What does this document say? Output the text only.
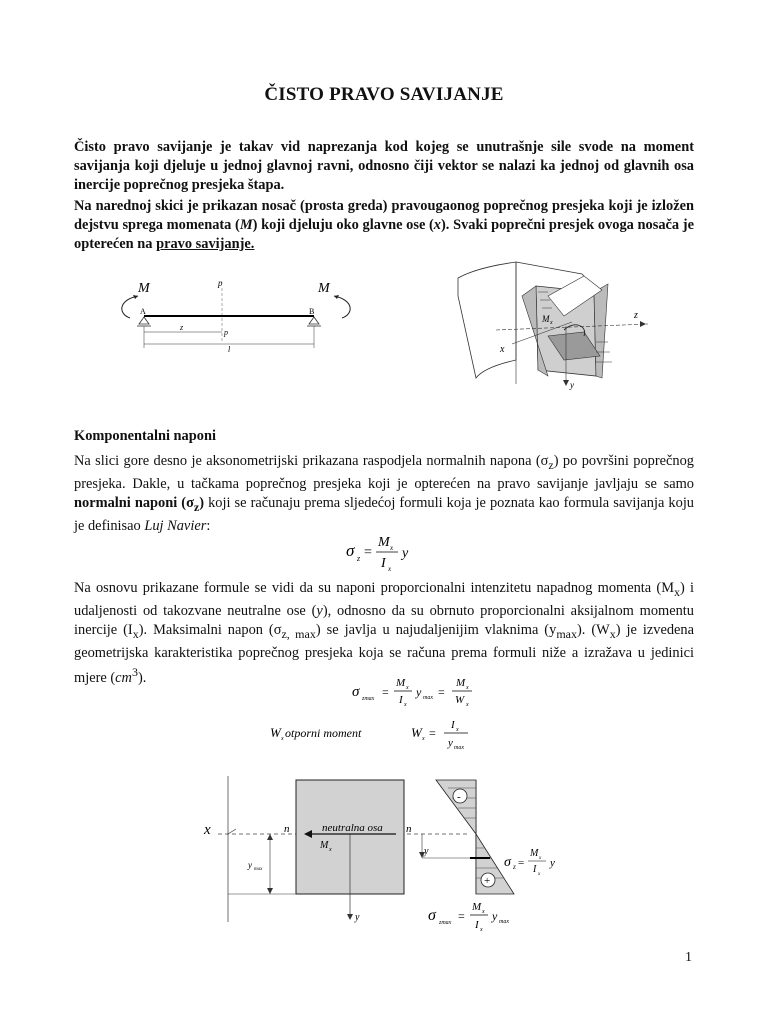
ČISTO PRAVO SAVIJANJE

Čisto pravo savijanje je takav vid naprezanja kod kojeg se unutrašnje sile svode na moment savijanja koji djeluje u jednoj glavnoj ravni, odnosno čiji vektor se nalazi ka jednoj od glavnih osa inercije poprečnog presjeka štapa.

Na narednoj skici je prikazan nosač (prosta greda) pravougaonog poprečnog presjeka koji je izložen dejstvu sprega momenata (M) koji djeluju oko glavne ose (x). Svaki poprečni presjek ovoga nosača je opterećen na pravo savijanje.

M	M
p
A	B
z
p
l
z
x
y
M x
Komponentalni naponi

Na slici gore desno je aksonometrijski prikazana raspodjela normalnih napona $(\sigma_z)$ po površini poprečnog presjeka. Dakle, u tačkama poprečnog presjeka koji je opterećen na pravo savijanje javljaju se samo normalni naponi $(\sigma_z)$ koji se računaju prema sljedećoj formuli koja je poznata kao formula savijanja koju je definisao Luj Navier:

σ z =
M x
I x
y

Na osnovu prikazane formule se vidi da su naponi proporcionalni intenzitetu napadnog momenta $(M_x)$ i udaljenosti od takozvane neutralne ose (y), odnosno da su obrnuto proporcionalni aksijalnom momentu inercije $(I_x)$. Maksimalni napon $(\sigma_{z, max})$ se javlja u najudaljenijim vlaknima $(y_{max})$. $(W_x)$ je izvedena geometrijska karakteristika poprečnog presjeka koja se računa prema formuli niže a izražava u jedinici mjere $(cm^3)$.

σ zmax =
M x
I x
y max =
M x
W x
W x otporni moment	W x =
I x
y max
x	n	neutralna osa n
M x
y
y max
-
+
y
σ z =
M x
I x
y
σ zmax =
M x
I x
y max
1
